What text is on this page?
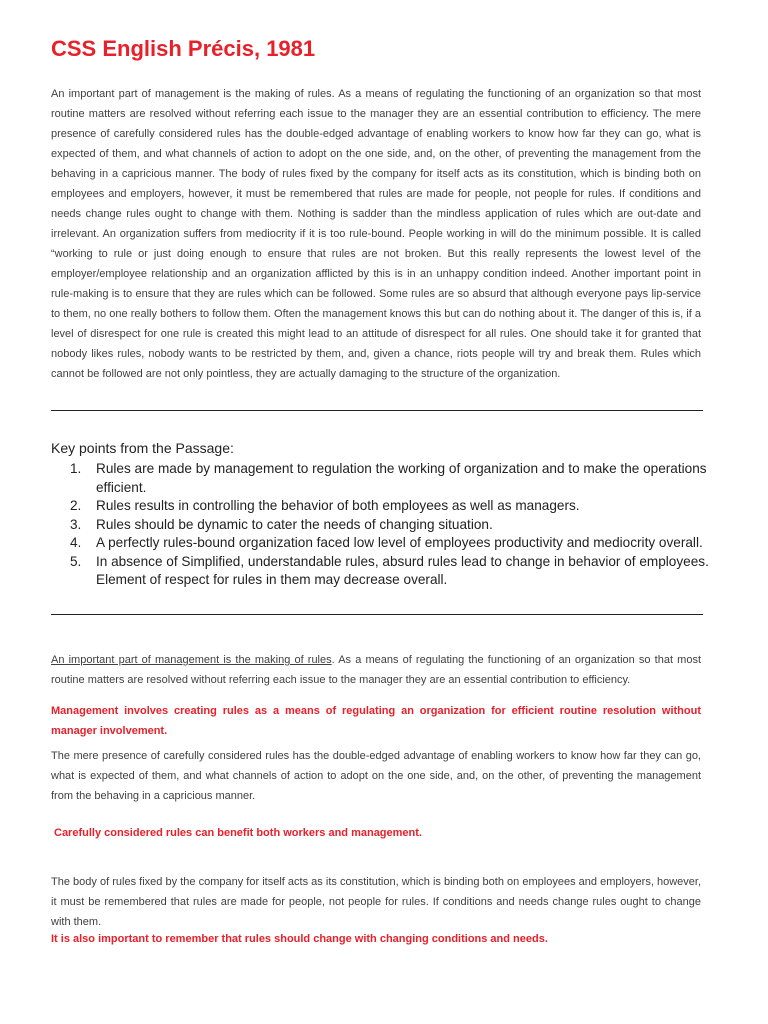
CSS English Précis, 1981

An important part of management is the making of rules. As a means of regulating the functioning of an organization so that most routine matters are resolved without referring each issue to the manager they are an essential contribution to efficiency. The mere presence of carefully considered rules has the double-edged advantage of enabling workers to know how far they can go, what is expected of them, and what channels of action to adopt on the one side, and, on the other, of preventing the management from the behaving in a capricious manner. The body of rules fixed by the company for itself acts as its constitution, which is binding both on employees and employers, however, it must be remembered that rules are made for people, not people for rules. If conditions and needs change rules ought to change with them. Nothing is sadder than the mindless application of rules which are out-date and irrelevant. An organization suffers from mediocrity if it is too rule-bound. People working in will do the minimum possible. It is called “working to rule or just doing enough to ensure that rules are not broken. But this really represents the lowest level of the employer/employee relationship and an organization afflicted by this is in an unhappy condition indeed. Another important point in rule-making is to ensure that they are rules which can be followed. Some rules are so absurd that although everyone pays lip-service to them, no one really bothers to follow them. Often the management knows this but can do nothing about it. The danger of this is, if a level of disrespect for one rule is created this might lead to an attitude of disrespect for all rules. One should take it for granted that nobody likes rules, nobody wants to be restricted by them, and, given a chance, riots people will try and break them. Rules which cannot be followed are not only pointless, they are actually damaging to the structure of the organization.

Key points from the Passage:

1. Rules are made by management to regulation the working of organization and to make the operations efficient.
2. Rules results in controlling the behavior of both employees as well as managers.
3. Rules should be dynamic to cater the needs of changing situation.
4. A perfectly rules-bound organization faced low level of employees productivity and mediocrity overall.
5. In absence of Simplified, understandable rules, absurd rules lead to change in behavior of employees. Element of respect for rules in them may decrease overall.

An important part of management is the making of rules. As a means of regulating the functioning of an organization so that most routine matters are resolved without referring each issue to the manager they are an essential contribution to efficiency.

Management involves creating rules as a means of regulating an organization for efficient routine resolution without manager involvement.

The mere presence of carefully considered rules has the double-edged advantage of enabling workers to know how far they can go, what is expected of them, and what channels of action to adopt on the one side, and, on the other, of preventing the management from the behaving in a capricious manner.

Carefully considered rules can benefit both workers and management.

The body of rules fixed by the company for itself acts as its constitution, which is binding both on employees and employers, however, it must be remembered that rules are made for people, not people for rules. If conditions and needs change rules ought to change with them.

It is also important to remember that rules should change with changing conditions and needs.
